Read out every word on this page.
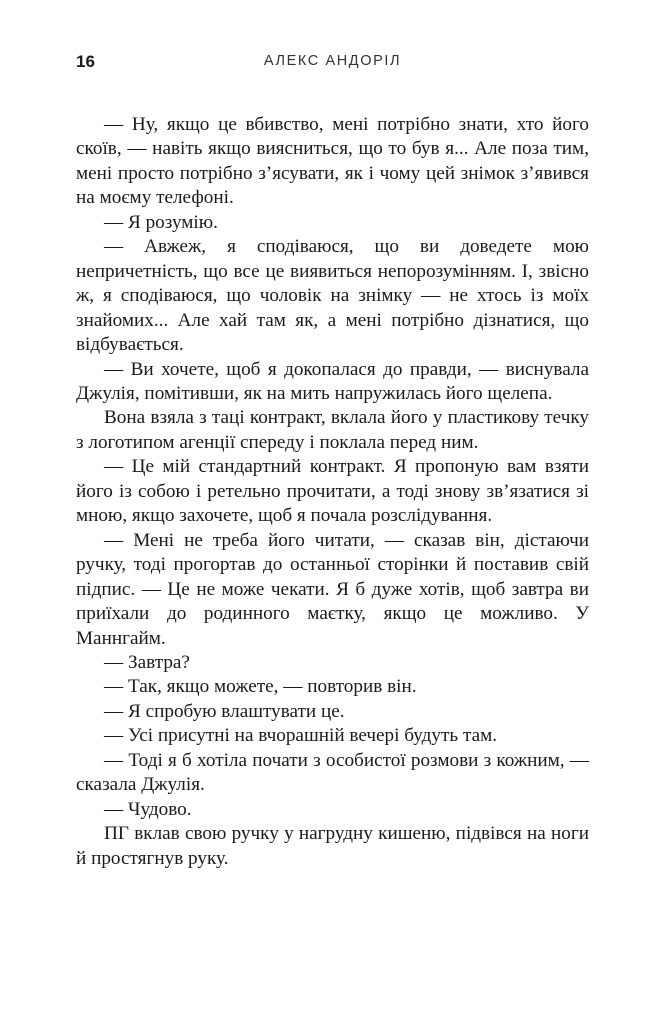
16	АЛЕКС АНДОРІЛ

— Ну, якщо це вбивство, мені потрібно знати, хто його скоїв, — навіть якщо виясниться, що то був я... Але поза тим, мені просто потрібно з’ясувати, як і чому цей знімок з’явився на моєму телефоні.

— Я розумію.

— Авжеж, я сподіваюся, що ви доведете мою непричетність, що все це виявиться непорозумінням. І, звісно ж, я сподіваюся, що чоловік на знімку — не хтось із моїх знайомих... Але хай там як, а мені потрібно дізнатися, що відбувається.

— Ви хочете, щоб я докопалася до правди, — виснувала Джулія, помітивши, як на мить напружилась його щелепа.

Вона взяла з таці контракт, вклала його у пластикову течку з логотипом агенції спереду і поклала перед ним.

— Це мій стандартний контракт. Я пропоную вам взяти його із собою і ретельно прочитати, а тоді знову зв’язатися зі мною, якщо захочете, щоб я почала розслідування.

— Мені не треба його читати, — сказав він, дістаючи ручку, тоді прогортав до останньої сторінки й поставив свій підпис. — Це не може чекати. Я б дуже хотів, щоб завтра ви приїхали до родинного маєтку, якщо це можливо. У Маннгайм.

— Завтра?

— Так, якщо можете, — повторив він.

— Я спробую влаштувати це.

— Усі присутні на вчорашній вечері будуть там.

— Тоді я б хотіла почати з особистої розмови з кожним, — сказала Джулія.

— Чудово.

ПГ вклав свою ручку у нагрудну кишеню, підвівся на ноги й простягнув руку.
